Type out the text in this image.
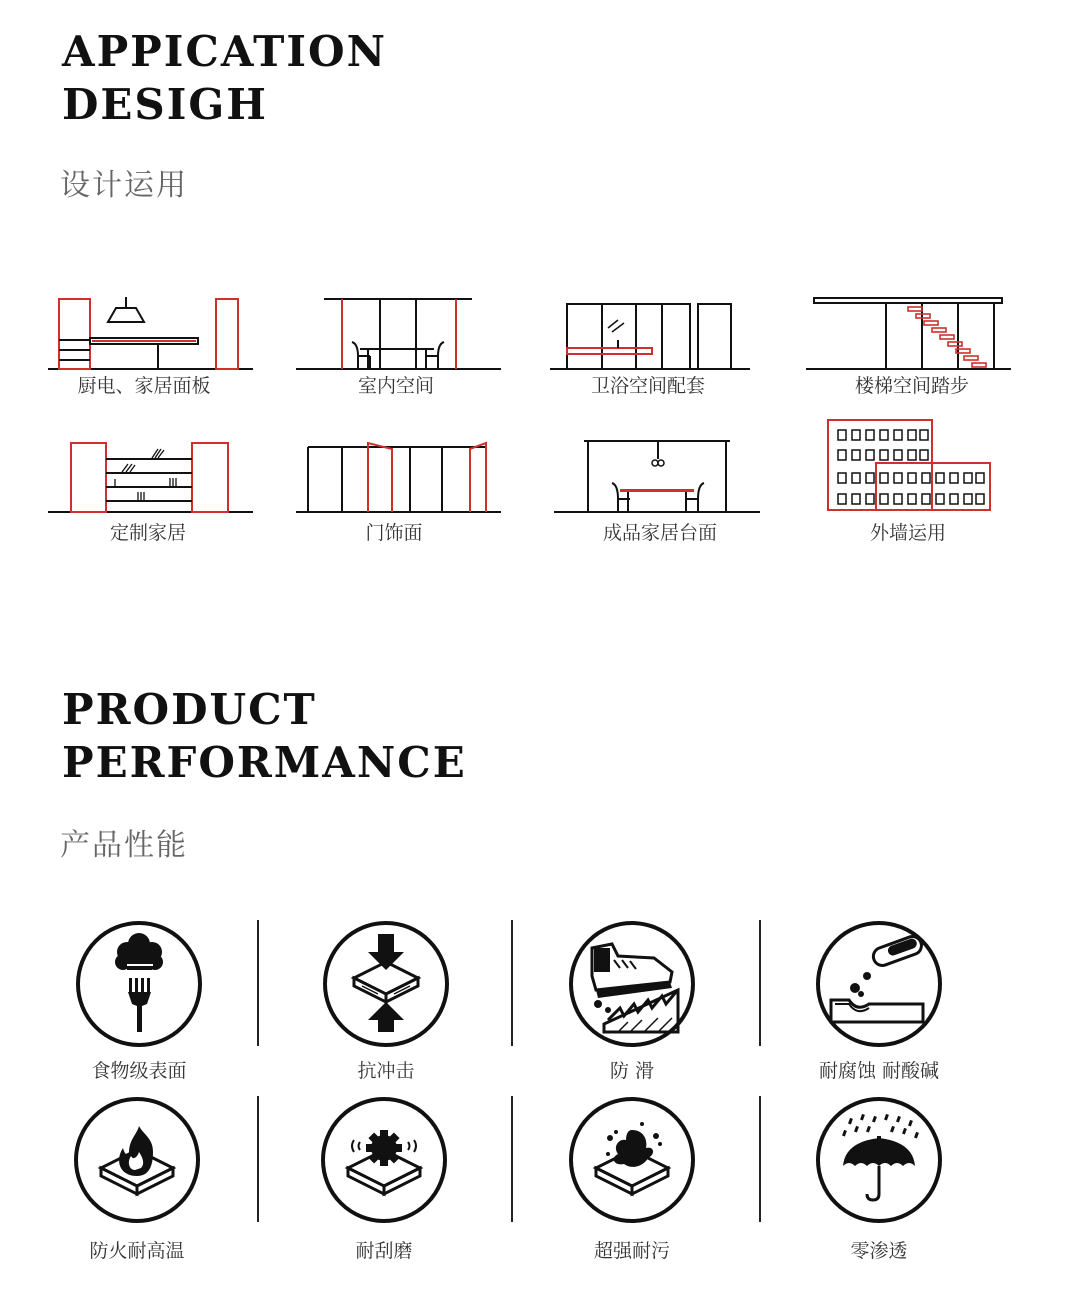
APPICATION
DESIGH
设计运用
厨电、家居面板	室内空间	卫浴空间配套	楼梯空间踏步
定制家居	门饰面	成品家居台面	外墙运用
PRODUCT
PERFORMANCE
产品性能
食物级表面	抗冲击	防 滑	耐腐蚀 耐酸碱
防火耐高温	耐刮磨	超强耐污	零渗透
